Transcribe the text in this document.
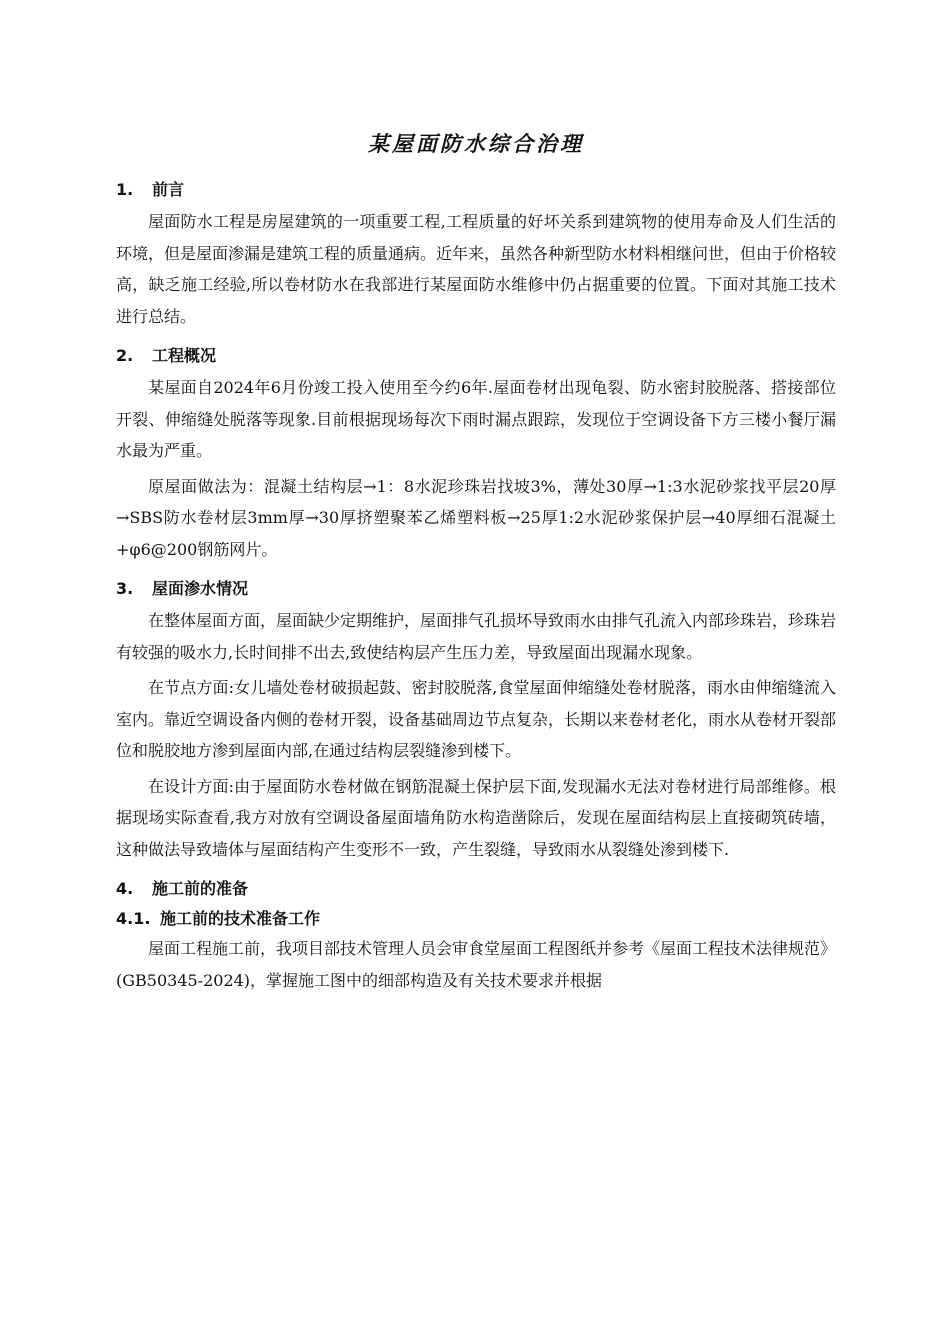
某屋面防水综合治理
1.	前言

屋面防水工程是房屋建筑的一项重要工程,工程质量的好坏关系到建筑物的使用寿命及人们生活的环境，但是屋面渗漏是建筑工程的质量通病。近年来，虽然各种新型防水材料相继问世，但由于价格较高，缺乏施工经验,所以卷材防水在我部进行某屋面防水维修中仍占据重要的位置。下面对其施工技术进行总结。

2.	工程概况

某屋面自2024年6月份竣工投入使用至今约6年.屋面卷材出现龟裂、防水密封胶脱落、搭接部位开裂、伸缩缝处脱落等现象.目前根据现场每次下雨时漏点跟踪，发现位于空调设备下方三楼小餐厅漏水最为严重。

原屋面做法为：混凝土结构层→1：8水泥珍珠岩找坡3%，薄处30厚→1:3水泥砂浆找平层20厚→SBS防水卷材层3mm厚→30厚挤塑聚苯乙烯塑料板→25厚1:2水泥砂浆保护层→40厚细石混凝土+φ6@200钢筋网片。

3.	屋面渗水情况

在整体屋面方面，屋面缺少定期维护，屋面排气孔损坏导致雨水由排气孔流入内部珍珠岩，珍珠岩有较强的吸水力,长时间排不出去,致使结构层产生压力差，导致屋面出现漏水现象。

在节点方面:女儿墙处卷材破损起鼓、密封胶脱落,食堂屋面伸缩缝处卷材脱落，雨水由伸缩缝流入室内。靠近空调设备内侧的卷材开裂，设备基础周边节点复杂，长期以来卷材老化，雨水从卷材开裂部位和脱胶地方渗到屋面内部,在通过结构层裂缝渗到楼下。

在设计方面:由于屋面防水卷材做在钢筋混凝土保护层下面,发现漏水无法对卷材进行局部维修。根据现场实际查看,我方对放有空调设备屋面墙角防水构造凿除后，发现在屋面结构层上直接砌筑砖墙，这种做法导致墙体与屋面结构产生变形不一致，产生裂缝，导致雨水从裂缝处渗到楼下.

4.	施工前的准备
4.1. 施工前的技术准备工作

屋面工程施工前，我项目部技术管理人员会审食堂屋面工程图纸并参考《屋面工程技术法律规范》(GB50345-2024)，掌握施工图中的细部构造及有关技术要求并根据
